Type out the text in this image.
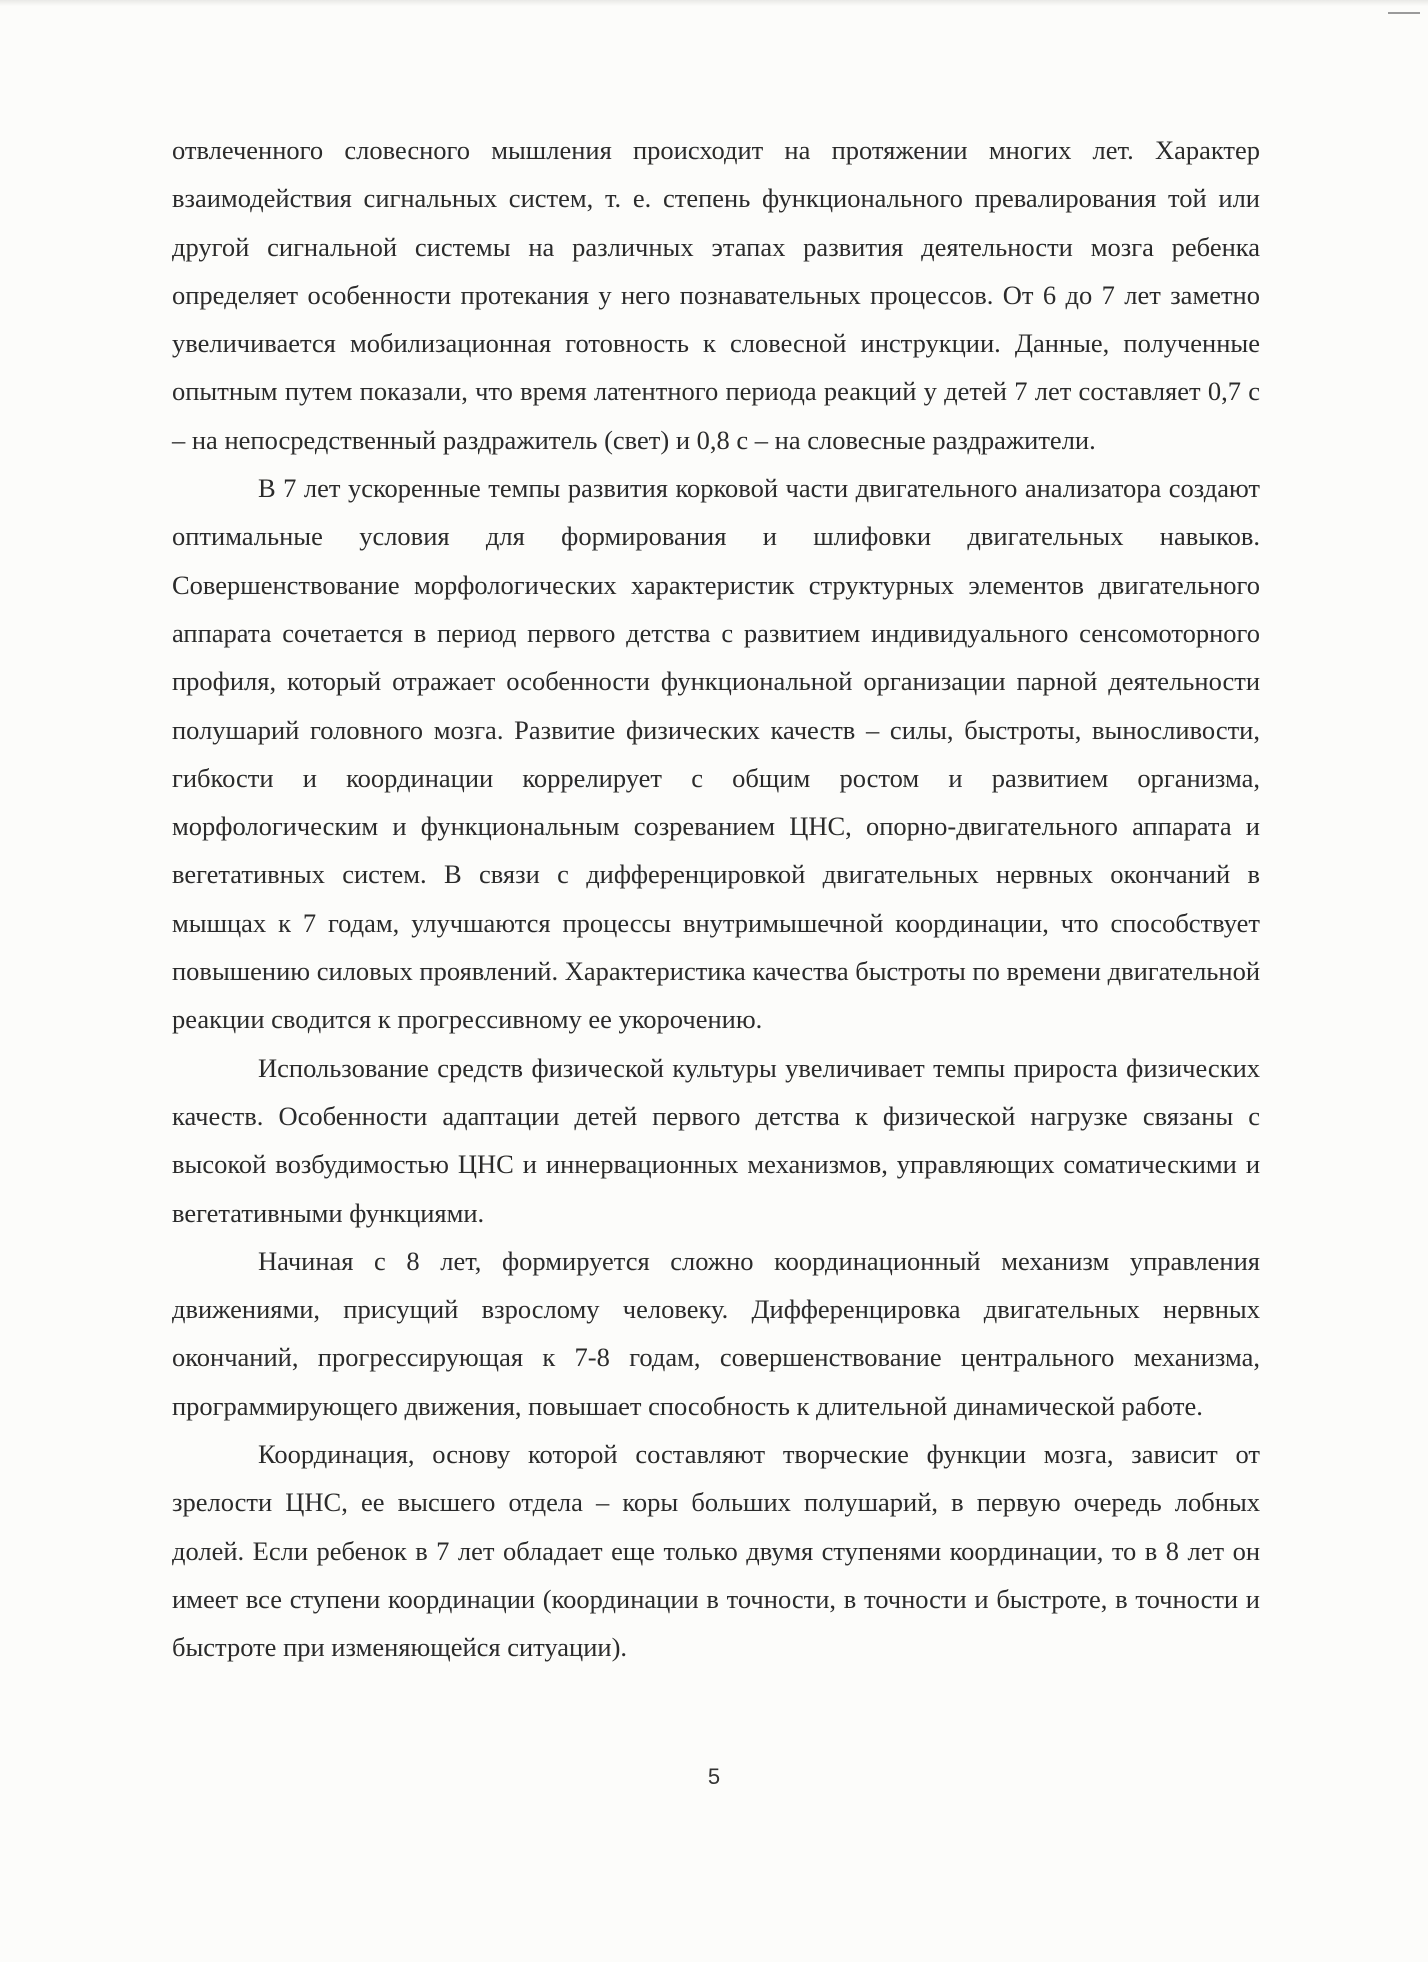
отвлеченного словесного мышления происходит на протяжении многих лет. Характер взаимодействия сигнальных систем, т. е. степень функционального превалирования той или другой сигнальной системы на различных этапах развития деятельности мозга ребенка определяет особенности протекания у него познавательных процессов. От 6 до 7 лет заметно увеличивается мобилизационная готовность к словесной инструкции. Данные, полученные опытным путем показали, что время латентного периода реакций у детей 7 лет составляет 0,7 с – на непосредственный раздражитель (свет) и 0,8 с – на словесные раздражители.

В 7 лет ускоренные темпы развития корковой части двигательного анализатора создают оптимальные условия для формирования и шлифовки двигательных навыков. Совершенствование морфологических характеристик структурных элементов двигательного аппарата сочетается в период первого детства с развитием индивидуального сенсомоторного профиля, который отражает особенности функциональной организации парной деятельности полушарий головного мозга. Развитие физических качеств – силы, быстроты, выносливости, гибкости и координации коррелирует с общим ростом и развитием организма, морфологическим и функциональным созреванием ЦНС, опорно-двигательного аппарата и вегетативных систем. В связи с дифференцировкой двигательных нервных окончаний в мышцах к 7 годам, улучшаются процессы внутримышечной координации, что способствует повышению силовых проявлений. Характеристика качества быстроты по времени двигательной реакции сводится к прогрессивному ее укорочению.

Использование средств физической культуры увеличивает темпы прироста физических качеств. Особенности адаптации детей первого детства к физической нагрузке связаны с высокой возбудимостью ЦНС и иннервационных механизмов, управляющих соматическими и вегетативными функциями.

Начиная с 8 лет, формируется сложно координационный механизм управления движениями, присущий взрослому человеку. Дифференцировка двигательных нервных окончаний, прогрессирующая к 7-8 годам, совершенствование центрального механизма, программирующего движения, повышает способность к длительной динамической работе.

Координация, основу которой составляют творческие функции мозга, зависит от зрелости ЦНС, ее высшего отдела – коры больших полушарий, в первую очередь лобных долей. Если ребенок в 7 лет обладает еще только двумя ступенями координации, то в 8 лет он имеет все ступени координации (координации в точности, в точности и быстроте, в точности и быстроте при изменяющейся ситуации).

5
